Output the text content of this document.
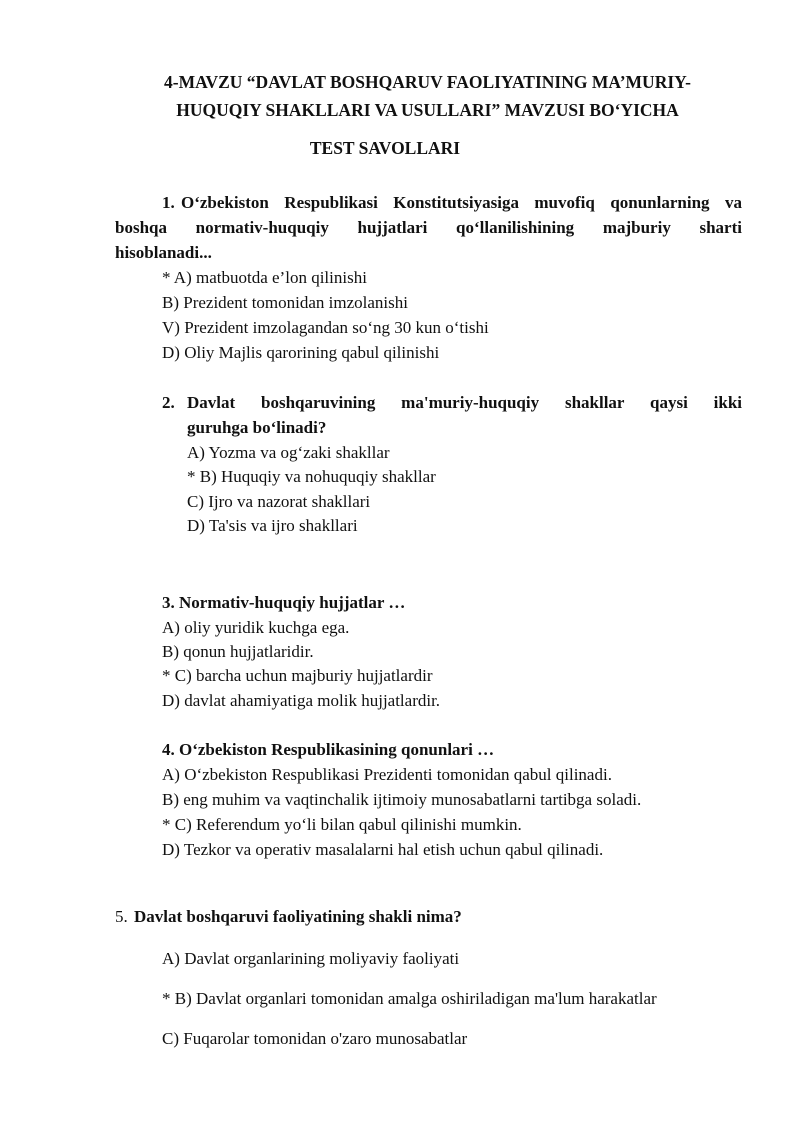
4-MAVZU “DAVLAT BOSHQARUV FAOLIYATINING MA’MURIY-
HUQUQIY SHAKLLARI VA USULLARI” MAVZUSI BO‘YICHA
TEST SAVOLLARI
1. O‘zbekiston Respublikasi Konstitutsiyasiga muvofiq qonunlarning va
boshqa normativ-huquqiy hujjatlari qo‘llanilishining majburiy sharti
hisoblanadi...
* A) matbuotda e’lon qilinishi
B) Prezident tomonidan imzolanishi
V) Prezident imzolagandan so‘ng 30 kun o‘tishi
D) Oliy Majlis qarorining qabul qilinishi
2. Davlat boshqaruvining ma'muriy-huquqiy shakllar qaysi ikki
guruhga bo‘linadi?
A) Yozma va og‘zaki shakllar
* B) Huquqiy va nohuquqiy shakllar
C) Ijro va nazorat shakllari
D) Ta'sis va ijro shakllari
3. Normativ-huquqiy hujjatlar …
A) oliy yuridik kuchga ega.
B) qonun hujjatlaridir.
* C) barcha uchun majburiy hujjatlardir
D) davlat ahamiyatiga molik hujjatlardir.
4. O‘zbekiston Respublikasining qonunlari …
A) O‘zbekiston Respublikasi Prezidenti tomonidan qabul qilinadi.
B) eng muhim va vaqtinchalik ijtimoiy munosabatlarni tartibga soladi.
* C) Referendum yo‘li bilan qabul qilinishi mumkin.
D) Tezkor va operativ masalalarni hal etish uchun qabul qilinadi.
5. Davlat boshqaruvi faoliyatining shakli nima?
A) Davlat organlarining moliyaviy faoliyati
* B) Davlat organlari tomonidan amalga oshiriladigan ma'lum harakatlar
C) Fuqarolar tomonidan o'zaro munosabatlar
